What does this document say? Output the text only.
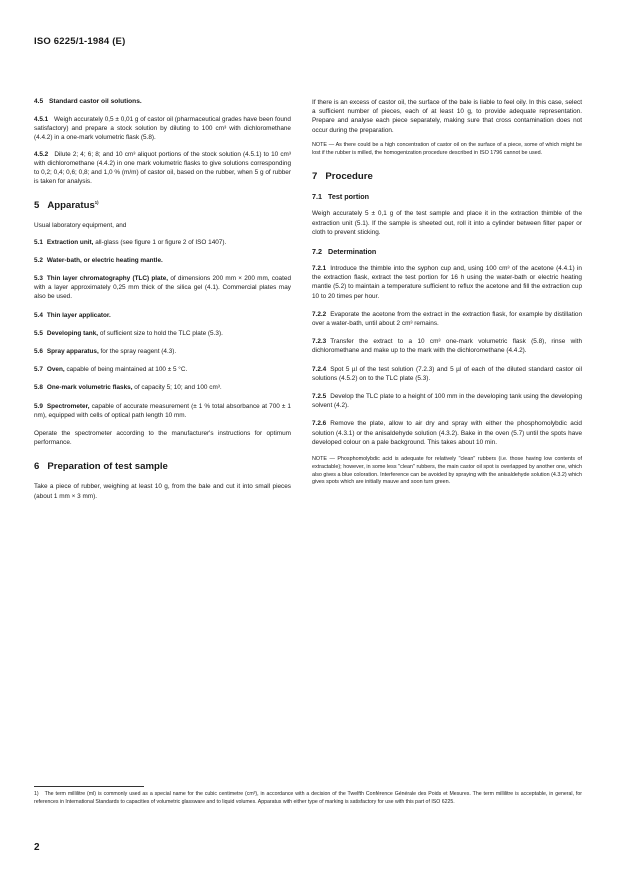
ISO 6225/1-1984 (E)
4.5 Standard castor oil solutions.

4.5.1 Weigh accurately 0,5 ± 0,01 g of castor oil (pharmaceutical grades have been found satisfactory) and prepare a stock solution by diluting to 100 cm³ with dichloromethane (4.4.2) in a one-mark volumetric flask (5.8).

4.5.2 Dilute 2; 4; 6; 8; and 10 cm³ aliquot portions of the stock solution (4.5.1) to 10 cm³ with dichloromethane (4.4.2) in one mark volumetric flasks to give solutions corresponding to 0,2; 0,4; 0,6; 0,8; and 1,0 % (m/m) of castor oil, based on the rubber, when 5 g of rubber is taken for analysis.

5 Apparatus$^{1)}$

Usual laboratory equipment, and

5.1 Extraction unit, all-glass (see figure 1 or figure 2 of ISO 1407).

5.2 Water-bath, or electric heating mantle.

5.3 Thin layer chromatography (TLC) plate, of dimensions 200 mm × 200 mm, coated with a layer approximately 0,25 mm thick of the silica gel (4.1). Commercial plates may also be used.

5.4 Thin layer applicator.

5.5 Developing tank, of sufficient size to hold the TLC plate (5.3).

5.6 Spray apparatus, for the spray reagent (4.3).

5.7 Oven, capable of being maintained at 100 ± 5 °C.

5.8 One-mark volumetric flasks, of capacity 5; 10; and 100 cm³.

5.9 Spectrometer, capable of accurate measurement (± 1 % total absorbance at 700 ± 1 nm), equipped with cells of optical path length 10 mm.

Operate the spectrometer according to the manufacturer's instructions for optimum performance.

6 Preparation of test sample

Take a piece of rubber, weighing at least 10 g, from the bale and cut it into small pieces (about 1 mm × 3 mm).

If there is an excess of castor oil, the surface of the bale is liable to feel oily. In this case, select a sufficient number of pieces, each of at least 10 g, to provide adequate representation. Prepare and analyse each piece separately, making sure that cross contamination does not occur during the preparation.

NOTE — As there could be a high concentration of castor oil on the surface of a piece, some of which might be lost if the rubber is milled, the homogenization procedure described in ISO 1796 cannot be used.

7 Procedure
7.1 Test portion

Weigh accurately 5 ± 0,1 g of the test sample and place it in the extraction thimble of the extraction unit (5.1). If the sample is sheeted out, roll it into a cylinder between filter paper or cloth to prevent sticking.

7.2 Determination

7.2.1 Introduce the thimble into the syphon cup and, using 100 cm³ of the acetone (4.4.1) in the extraction flask, extract the test portion for 16 h using the water-bath or electric heating mantle (5.2) to maintain a temperature sufficient to reflux the acetone and fill the extraction cup 10 to 20 times per hour.

7.2.2 Evaporate the acetone from the extract in the extraction flask, for example by distillation over a water-bath, until about 2 cm³ remains.

7.2.3 Transfer the extract to a 10 cm³ one-mark volumetric flask (5.8), rinse with dichloromethane and make up to the mark with the dichloromethane (4.4.2).

7.2.4 Spot 5 µl of the test solution (7.2.3) and 5 µl of each of the diluted standard castor oil solutions (4.5.2) on to the TLC plate (5.3).

7.2.5 Develop the TLC plate to a height of 100 mm in the developing tank using the developing solvent (4.2).

7.2.6 Remove the plate, allow to air dry and spray with either the phosphomolybdic acid solution (4.3.1) or the anisaldehyde solution (4.3.2). Bake in the oven (5.7) until the spots have developed colour on a pale background. This takes about 10 min.

NOTE — Phosphomolybdic acid is adequate for relatively "clean" rubbers (i.e. those having low contents of extractable); however, in some less "clean" rubbers, the main castor oil spot is overlapped by another one, which also gives a blue coloration. Interference can be avoided by spraying with the anisaldehyde solution (4.3.2) which gives spots which are initially mauve and soon turn green.

1) The term millilitre (ml) is commonly used as a special name for the cubic centimetre (cm³), in accordance with a decision of the Twelfth Conférence Générale des Poids et Mesures. The term millilitre is acceptable, in general, for references in International Standards to capacities of volumetric glassware and to liquid volumes. Apparatus with either type of marking is satisfactory for use with this part of ISO 6225.
2
